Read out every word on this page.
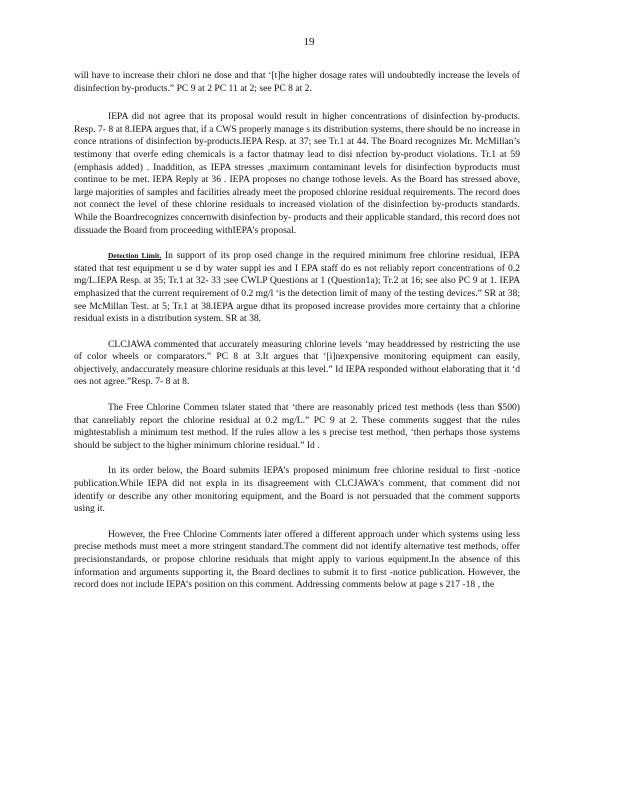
19

will have to increase their chlori ne dose and that ‘[t]he higher dosage rates will undoubtedly increase the levels of disinfection by-products.” PC 9 at 2 PC 11 at 2; see PC 8 at 2.

IEPA did not agree that its proposal would result in higher concentrations of disinfection by-products. Resp. 7- 8 at 8.IEPA argues that, if a CWS properly manage s its distribution systems, there should be no increase in conce ntrations of disinfection by-products.IEPA Resp. at 37; see Tr.1 at 44. The Board recognizes Mr. McMillan’s testimony that overfe eding chemicals is a factor thatmay lead to disi nfection by-product violations. Tr.1 at 59 (emphasis added) . Inaddition, as IEPA stresses ,maximum contaminant levels for disinfection byproducts must continue to be met. IEPA Reply at 36 . IEPA proposes no change tothose levels. As the Board has stressed above, large majorities of samples and facilities already meet the proposed chlorine residual requirements. The record does not connect the level of these chlorine residuals to increased violation of the disinfection by-products standards. While the Boardrecognizes concernwith disinfection by- products and their applicable standard, this record does not dissuade the Board from proceeding withIEPA’s proposal.

Detection Limit. In support of its prop osed change in the required minimum free chlorine residual, IEPA stated that test equipment u se d by water suppl ies and I EPA staff do es not reliably report concentrations of 0.2 mg/L.IEPA Resp. at 35; Tr.1 at 32- 33 ;see CWLP Questions at 1 (Question1a); Tr.2 at 16; see also PC 9 at 1. IEPA emphasized that the current requirement of 0.2 mg/l ‘is the detection limit of many of the testing devices.” SR at 38; see McMillan Test. at 5; Tr.1 at 38.IEPA argue dthat its proposed increase provides more certainty that a chlorine residual exists in a distribution system. SR at 38.

CLCJAWA commented that accurately measuring chlorine levels ‘may beaddressed by restricting the use of color wheels or comparators.” PC 8 at 3.It argues that ‘[i]nexpensive monitoring equipment can easily, objectively, andaccurately measure chlorine residuals at this level.” Id IEPA responded without elaborating that it ‘d oes not agree.”Resp. 7- 8 at 8.

The Free Chlorine Commen tslater stated that ‘there are reasonably priced test methods (less than $500) that canreliably report the chlorine residual at 0.2 mg/L.” PC 9 at 2. These comments suggest that the rules mightestablish a minimum test method. If the rules allow a les s precise test method, ‘then perhaps those systems should be subject to the higher minimum chlorine residual.” Id .

In its order below, the Board submits IEPA’s proposed minimum free chlorine residual to first -notice publication.While IEPA did not expla in its disagreement with CLCJAWA’s comment, that comment did not identify or describe any other monitoring equipment, and the Board is not persuaded that the comment supports using it.

However, the Free Chlorine Comments later offered a different approach under which systems using less precise methods must meet a more stringent standard.The comment did not identify alternative test methods, offer precisionstandards, or propose chlorine residuals that might apply to various equipment.In the absence of this information and arguments supporting it, the Board declines to submit it to first -notice publication. However, the record does not include IEPA’s position on this comment. Addressing comments below at page s 217 -18 , the
